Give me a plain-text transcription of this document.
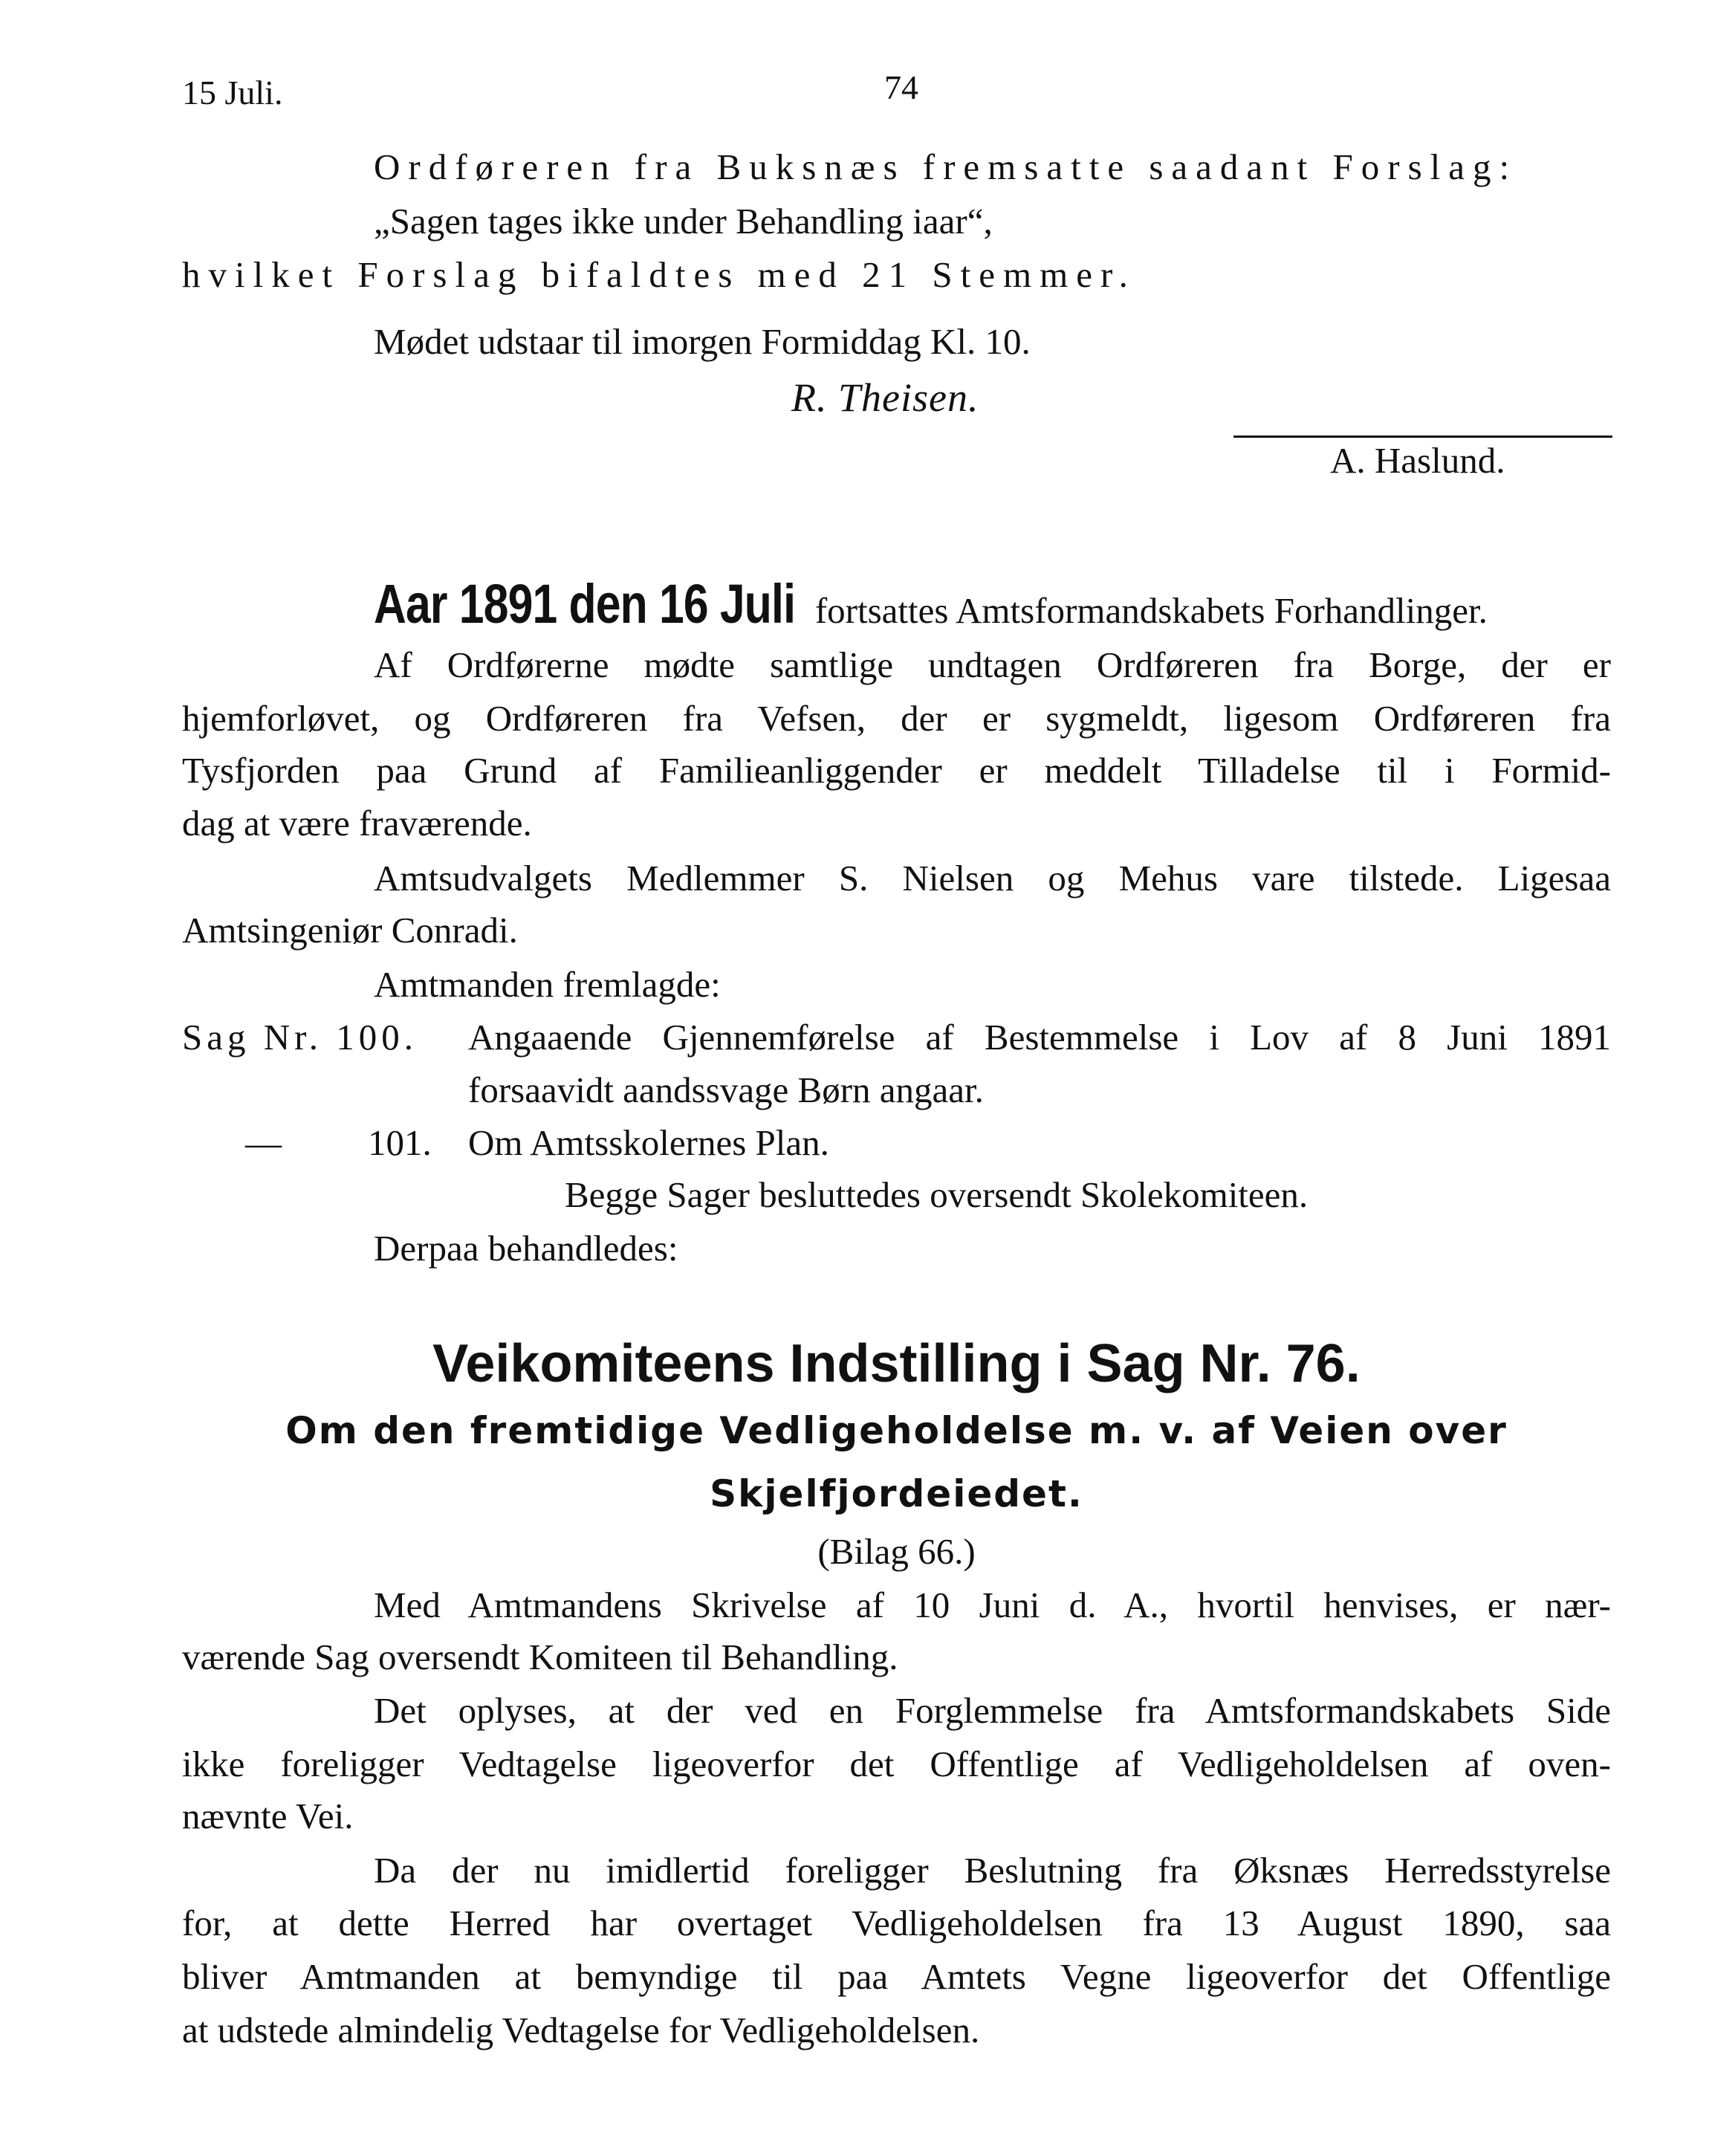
15 Juli.	74
Ordføreren fra Buksnæs fremsatte saadant Forslag:
„Sagen tages ikke under Behandling iaar“,
hvilket Forslag bifaldtes med 21 Stemmer.
Mødet udstaar til imorgen Formiddag Kl. 10.
R. Theisen.
A. Haslund.
Aar 1891 den 16 Juli fortsattes Amtsformandskabets Forhandlinger.
Af Ordførerne mødte samtlige undtagen Ordføreren fra Borge, der er
hjemforløvet, og Ordføreren fra Vefsen, der er sygmeldt, ligesom Ordføreren fra
Tysfjorden paa Grund af Familieanliggender er meddelt Tilladelse til i Formid-
dag at være fraværende.
Amtsudvalgets Medlemmer S. Nielsen og Mehus vare tilstede. Ligesaa
Amtsingeniør Conradi.
Amtmanden fremlagde:
Sag Nr. 100. Angaaende Gjennemførelse af Bestemmelse i Lov af 8 Juni 1891
forsaavidt aandssvage Børn angaar.
— 101. Om Amtsskolernes Plan.
Begge Sager besluttedes oversendt Skolekomiteen.
Derpaa behandledes:
Veikomiteens Indstilling i Sag Nr. 76.
Om den fremtidige Vedligeholdelse m. v. af Veien over
Skjelfjordeiedet.
(Bilag 66.)
Med Amtmandens Skrivelse af 10 Juni d. A., hvortil henvises, er nær-
værende Sag oversendt Komiteen til Behandling.
Det oplyses, at der ved en Forglemmelse fra Amtsformandskabets Side
ikke foreligger Vedtagelse ligeoverfor det Offentlige af Vedligeholdelsen af oven-
nævnte Vei.
Da der nu imidlertid foreligger Beslutning fra Øksnæs Herredsstyrelse
for, at dette Herred har overtaget Vedligeholdelsen fra 13 August 1890, saa
bliver Amtmanden at bemyndige til paa Amtets Vegne ligeoverfor det Offentlige
at udstede almindelig Vedtagelse for Vedligeholdelsen.
